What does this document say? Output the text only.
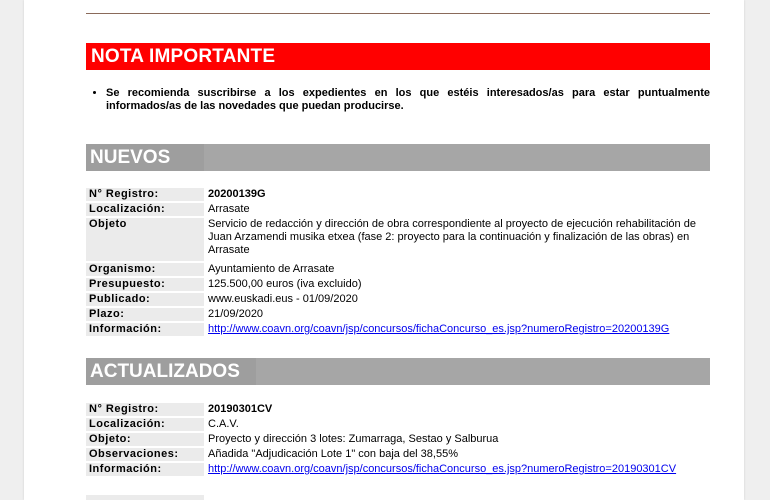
NOTA IMPORTANTE
• Se recomienda suscribirse a los expedientes en los que estéis interesados/as para estar puntualmente informados/as de las novedades que puedan producirse.
NUEVOS
N° Registro:	20200139G
Localización:	Arrasate
Objeto	Servicio de redacción y dirección de obra correspondiente al proyecto de ejecución rehabilitación de Juan Arzamendi musika etxea (fase 2: proyecto para la continuación y finalización de las obras) en Arrasate
Organismo:	Ayuntamiento de Arrasate
Presupuesto:	125.500,00 euros (iva excluido)
Publicado:	www.euskadi.eus - 01/09/2020
Plazo:	21/09/2020
Información:	http://www.coavn.org/coavn/jsp/concursos/fichaConcurso_es.jsp?numeroRegistro=20200139G
ACTUALIZADOS
N° Registro:	20190301CV
Localización:	C.A.V.
Objeto:	Proyecto y dirección 3 lotes: Zumarraga, Sestao y Salburua
Observaciones:	Añadida "Adjudicación Lote 1" con baja del 38,55%
Información:	http://www.coavn.org/coavn/jsp/concursos/fichaConcurso_es.jsp?numeroRegistro=20190301CV
